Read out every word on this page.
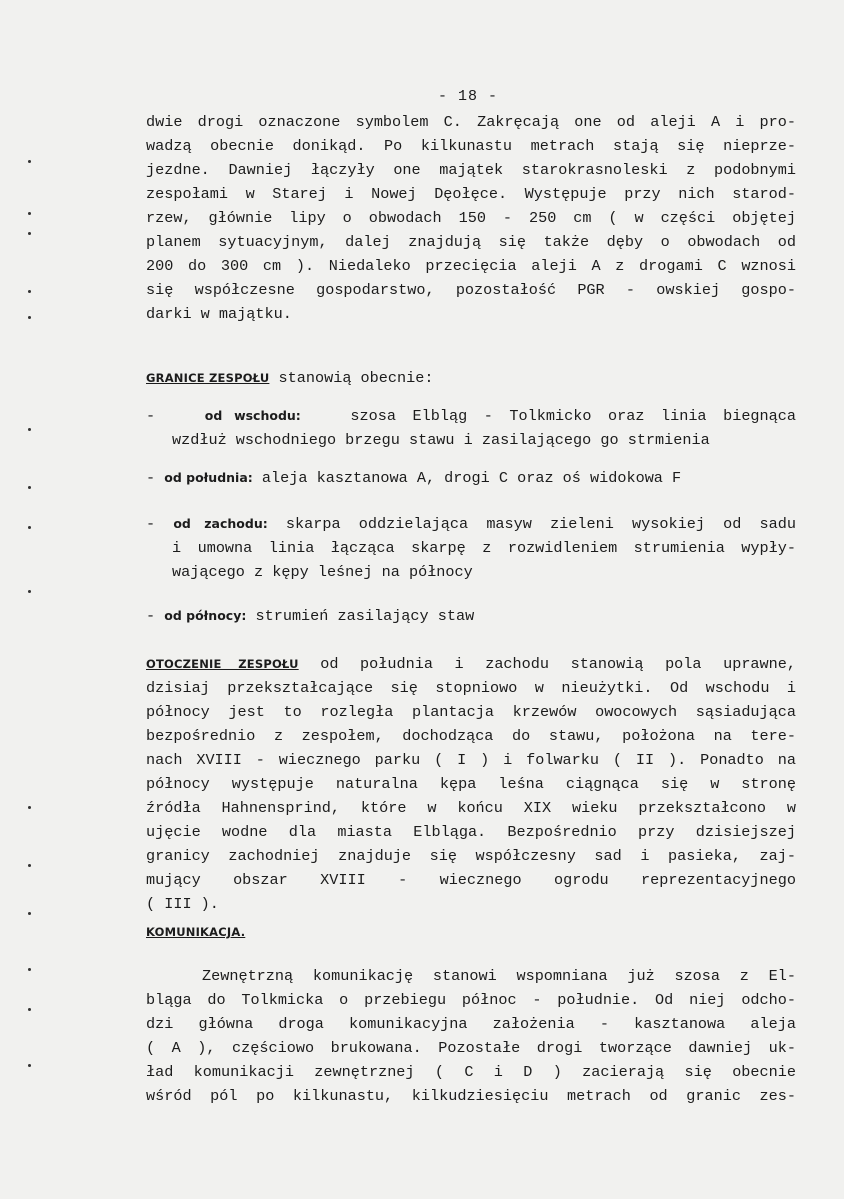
- 18 -
dwie drogi oznaczone symbolem C. Zakręcają one od aleji A i pro-
wadzą obecnie donikąd. Po kilkunastu metrach stają się nieprze-
jezdne. Dawniej łączyły one majątek starokrasnoleski z podobnymi
zespołami w Starej i Nowej Dęołęce. Występuje przy nich starod-
rzew, głównie lipy o obwodach 150 - 250 cm ( w części objętej
planem sytuacyjnym, dalej znajdują się także dęby o obwodach od
200 do 300 cm ). Niedaleko przecięcia aleji A z drogami C wznosi
się współczesne gospodarstwo, pozostałość PGR - owskiej gospo-
darki w majątku.
GRANICE ZESPOŁU stanowią obecnie:
-	od wschodu:	szosa Elbląg - Tolkmicko oraz linia biegnąca
wzdłuż wschodniego brzegu stawu i zasilającego go strmienia
- od południa: aleja kasztanowa A, drogi C oraz oś widokowa F
- od zachodu: skarpa oddzielająca masyw zieleni wysokiej od sadu
i umowna linia łącząca skarpę z rozwidleniem strumienia wypły-
wającego z kępy leśnej na północy
- od północy: strumień zasilający staw
OTOCZENIE ZESPOŁU od południa i zachodu stanowią pola uprawne,
dzisiaj przekształcające się stopniowo w nieużytki. Od wschodu i
północy jest to rozległa plantacja krzewów owocowych sąsiadująca
bezpośrednio z zespołem, dochodząca do stawu, położona na tere-
nach XVIII - wiecznego parku ( I ) i folwarku ( II ). Ponadto na
północy występuje naturalna kępa leśna ciągnąca się w stronę
źródła Hahnensprind, które w końcu XIX wieku przekształcono w
ujęcie wodne dla miasta Elbląga. Bezpośrednio przy dzisiejszej
granicy zachodniej znajduje się współczesny sad i pasieka, zaj-
mujący obszar XVIII - wiecznego ogrodu reprezentacyjnego
( III ).
KOMUNIKACJA.
Zewnętrzną komunikację stanowi wspomniana już szosa z El-
bląga do Tolkmicka o przebiegu północ - południe. Od niej odcho-
dzi główna droga komunikacyjna założenia - kasztanowa aleja
( A ), częściowo brukowana. Pozostałe drogi tworzące dawniej uk-
ład komunikacji zewnętrznej ( C i D ) zacierają się obecnie
wśród pól po kilkunastu, kilkudziesięciu metrach od granic zes-
